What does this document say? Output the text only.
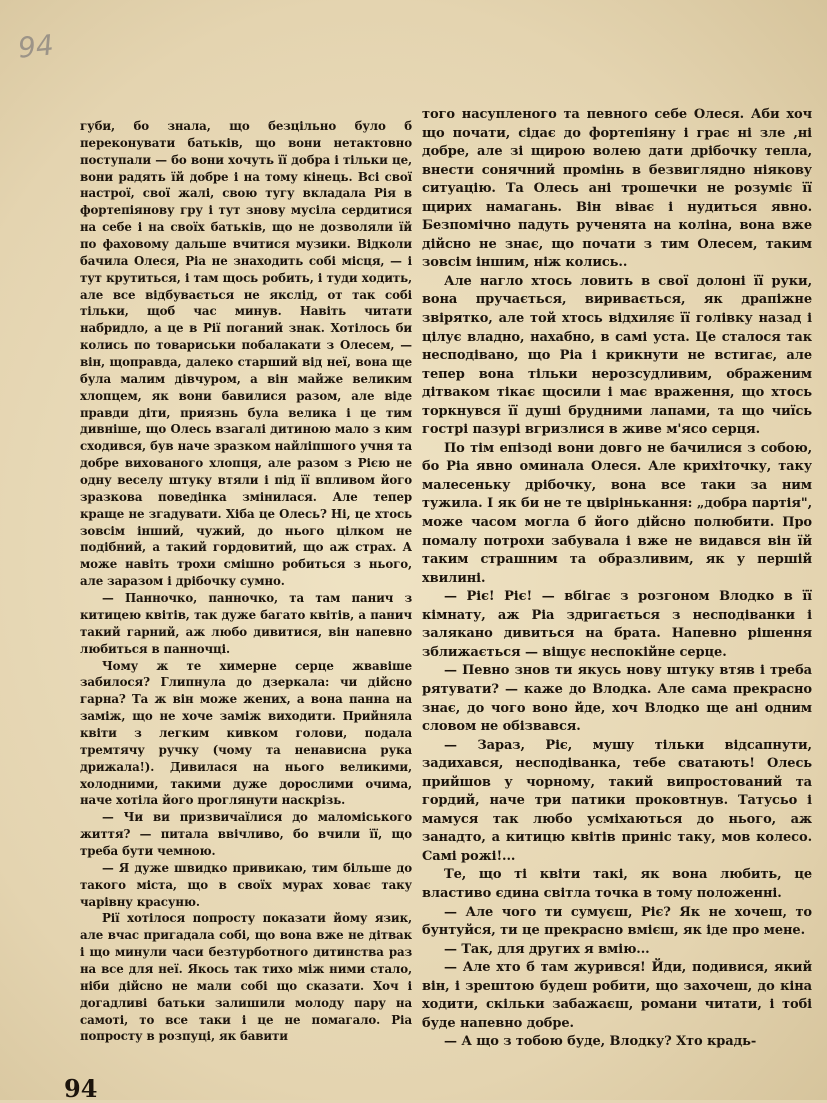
94

губи, бо знала, що безцільно було б переконувати батьків, що вони нетактовно поступали — бо вони хочуть її добра і тільки це, вони радять їй добре і на тому кінець. Всі свої настрої, свої жалі, свою тугу вкладала Рія в фортепіянову гру і тут знову мусіла сердитися на себе і на своїх батьків, що не дозволяли їй по фаховому дальше вчитися музики. Відколи бачила Олеся, Ріа не знаходить собі місця, — і тут крутиться, і там щось робить, і туди ходить, але все відбувається не якслід, от так собі тільки, щоб час минув. Навіть читати набридло, а це в Рії поганий знак. Хотілось би колись по товариськи побалакати з Олесем, — він, щоправда, далеко старший від неї, вона ще була малим дівчуром, а він майже великим хлопцем, як вони бавилися разом, але віде правди діти, приязнь була велика і це тим дивніше, що Олесь взагалі дитиною мало з ким сходився, був наче зразком найліпшого учня та добре вихованого хлопця, але разом з Рією не одну веселу штуку втяли і під її впливом його зразкова поведінка змінилася. Але тепер краще не згадувати. Хіба це Олесь? Ні, це хтось зовсім інший, чужий, до нього цілком не подібний, а такий гордовитий, що аж страх. А може навіть трохи смішно робиться з нього, але заразом і дрібочку сумно.

— Панночко, панночко, та там панич з китицею квітів, так дуже багато квітів, а панич такий гарний, аж любо дивитися, він напевно любиться в панночці.

Чому ж те химерне серце жвавіше забилося? Глипнула до дзеркала: чи дійсно гарна? Та ж він може жених, а вона панна на заміж, що не хоче заміж виходити. Прийняла квіти з легким кивком голови, подала тремтячу ручку (чому та ненависна рука дрижала!). Дивилася на нього великими, холодними, такими дуже дорослими очима, наче хотіла його проглянути наскрізь.

— Чи ви призвичаїлися до маломіського життя? — питала ввічливо, бо вчили її, що треба бути чемною.

— Я дуже швидко привикаю, тим більше до такого міста, що в своїх мурах ховає таку чарівну красуню.

Рії хотілося попросту показати йому язик, але вчас пригадала собі, що вона вже не дітвак і що минули часи безтурботного дитинства раз на все для неї. Якось так тихо між ними стало, ніби дійсно не мали собі що сказати. Хоч і догадливі батьки залишили молоду пару на самоті, то все таки і це не помагало. Ріа попросту в розпуці, як бавити

того насупленого та певного себе Олеся. Аби хоч що почати, сідає до фортепіяну і грає ні зле ,ні добре, але зі щирою волею дати дрібочку тепла, внести сонячний промінь в безвиглядно ніякову ситуацію. Та Олесь ані трошечки не розуміє її щирих намагань. Він віває і нудиться явно. Безпомічно падуть рученята на коліна, вона вже дійсно не знає, що почати з тим Олесем, таким зовсім іншим, ніж колись..

Але нагло хтось ловить в свої долоні її руки, вона пручається, виривається, як драпіжне звірятко, але той хтось відхиляє її голівку назад і цілує владно, нахабно, в самі уста. Це сталося так несподівано, що Ріа і крикнути не встигає, але тепер вона тільки нерозсудливим, ображеним дітваком тікає щосили і має враження, що хтось торкнувся її душі брудними лапами, та що чиїсь гострі пазурі вгризлися в живе м'ясо серця.

По тім епізоді вони довго не бачилися з собою, бо Ріа явно оминала Олеся. Але крихіточку, таку малесеньку дрібочку, вона все таки за ним тужила. І як би не те цвірінькання: „добра партія", може часом могла б його дійсно полюбити. Про помалу потрохи забувала і вже не видався він їй таким страшним та образливим, як у першій хвилині.

— Ріє! Ріє! — вбігає з розгоном Влодко в її кімнату, аж Ріа здригається з несподіванки і залякано дивиться на брата. Напевно рішення зближається — віщує неспокійне серце.

— Певно знов ти якусь нову штуку втяв і треба рятувати? — каже до Влодка. Але сама прекрасно знає, до чого воно йде, хоч Влодко ще ані одним словом не обізвався.

— Зараз, Ріє, мушу тільки відсапнути, задихався, несподіванка, тебе сватають! Олесь прийшов у чорному, такий випростований та гордий, наче три патики проковтнув. Татусьо і мамуся так любо усміхаються до нього, аж занадто, а китицю квітів приніс таку, мов колесо. Самі рожі!...

Те, що ті квіти такі, як вона любить, це властиво єдина світла точка в тому положенні.

— Але чого ти сумуєш, Ріє? Як не хочеш, то бунтуйся, ти це прекрасно вмієш, як іде про мене.

— Так, для других я вмію...

— Але хто б там журився! Йди, подивися, який він, і зрештою будеш робити, що захочеш, до кіна ходити, скільки забажаєш, романи читати, і тобі буде напевно добре.

— А що з тобою буде, Влодку? Хто крадь-

94
